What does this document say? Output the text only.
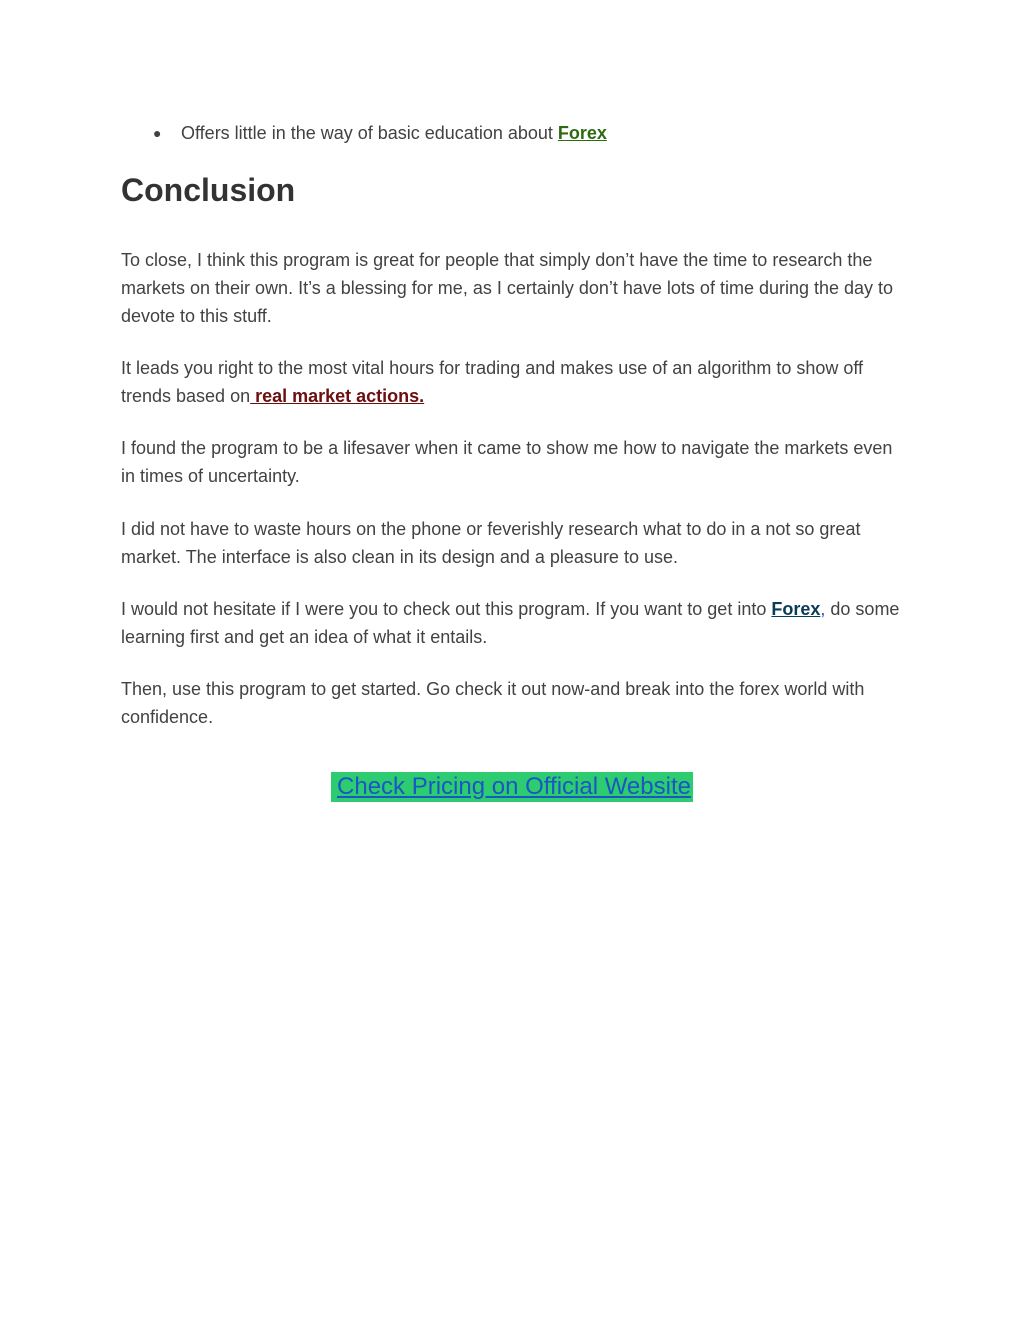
● Offers little in the way of basic education about Forex
Conclusion

To close, I think this program is great for people that simply don’t have the time to research the markets on their own. It’s a blessing for me, as I certainly don’t have lots of time during the day to devote to this stuff.

It leads you right to the most vital hours for trading and makes use of an algorithm to show off trends based on real market actions.

I found the program to be a lifesaver when it came to show me how to navigate the markets even in times of uncertainty.

I did not have to waste hours on the phone or feverishly research what to do in a not so great market. The interface is also clean in its design and a pleasure to use.

I would not hesitate if I were you to check out this program. If you want to get into Forex, do some learning first and get an idea of what it entails.

Then, use this program to get started. Go check it out now-and break into the forex world with confidence.

Check Pricing on Official Website
